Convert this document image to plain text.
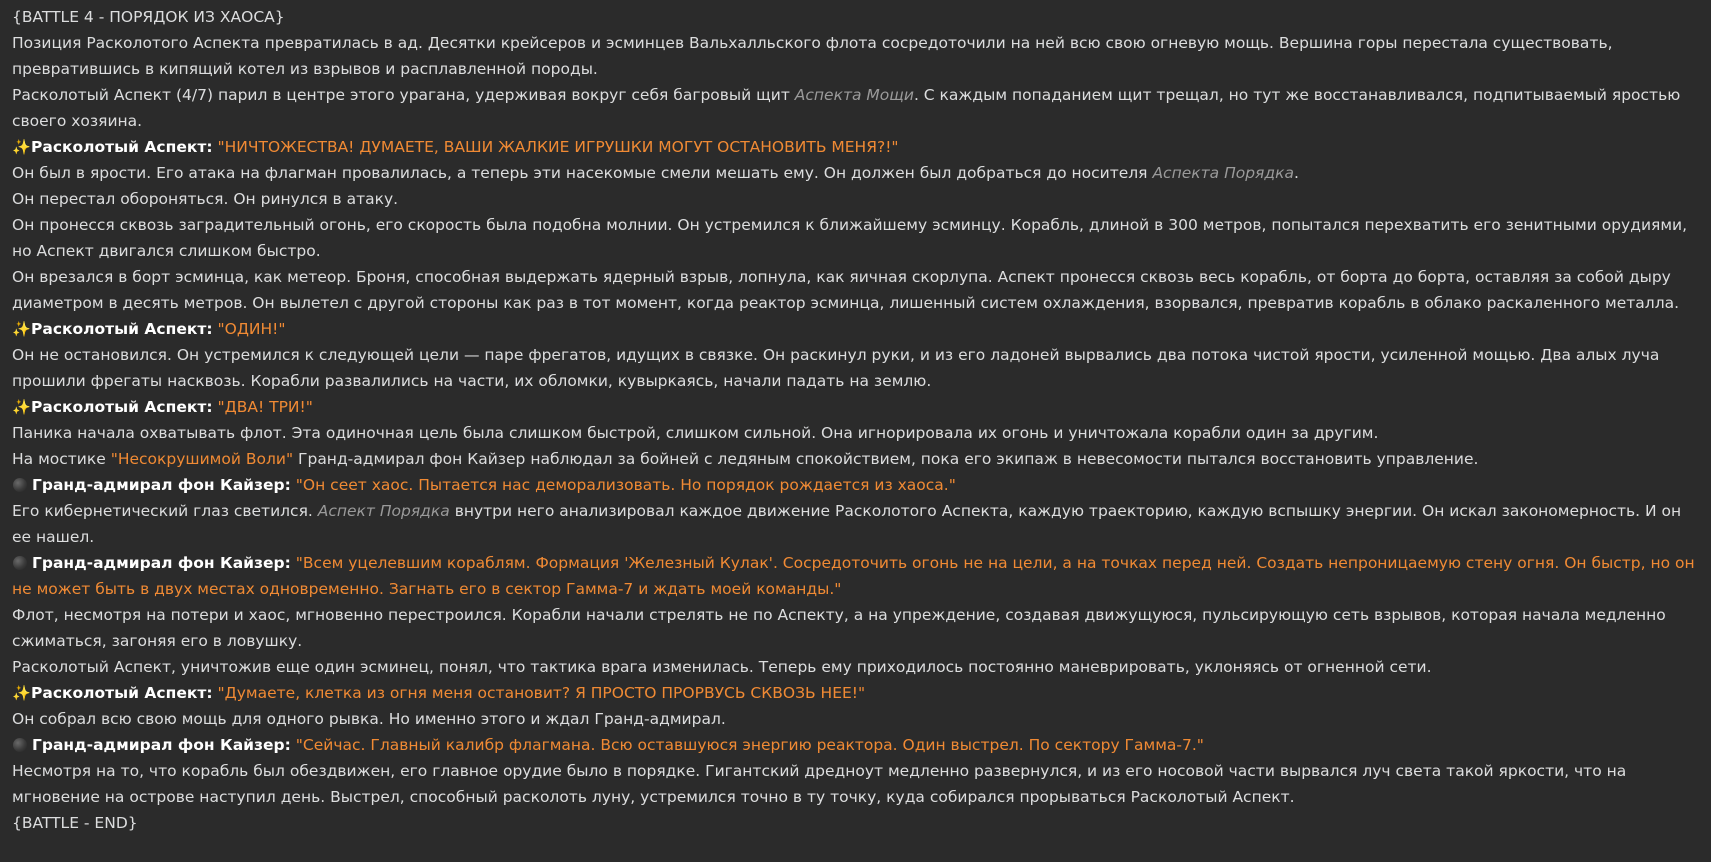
{BATTLE 4 - ПОРЯДОК ИЗ ХАОСА}
Позиция Расколотого Аспекта превратилась в ад. Десятки крейсеров и эсминцев Вальхалльского флота сосредоточили на ней всю свою огневую мощь. Вершина горы перестала существовать, превратившись в кипящий котел из взрывов и расплавленной породы.
Расколотый Аспект (4/7) парил в центре этого урагана, удерживая вокруг себя багровый щит Аспекта Мощи. С каждым попаданием щит трещал, но тут же восстанавливался, подпитываемый яростью своего хозяина.
✨Расколотый Аспект: "НИЧТОЖЕСТВА! ДУМАЕТЕ, ВАШИ ЖАЛКИЕ ИГРУШКИ МОГУТ ОСТАНОВИТЬ МЕНЯ?!"
Он был в ярости. Его атака на флагман провалилась, а теперь эти насекомые смели мешать ему. Он должен был добраться до носителя Аспекта Порядка.
Он перестал обороняться. Он ринулся в атаку.
Он пронесся сквозь заградительный огонь, его скорость была подобна молнии. Он устремился к ближайшему эсминцу. Корабль, длиной в 300 метров, попытался перехватить его зенитными орудиями, но Аспект двигался слишком быстро.
Он врезался в борт эсминца, как метеор. Броня, способная выдержать ядерный взрыв, лопнула, как яичная скорлупа. Аспект пронесся сквозь весь корабль, от борта до борта, оставляя за собой дыру диаметром в десять метров. Он вылетел с другой стороны как раз в тот момент, когда реактор эсминца, лишенный систем охлаждения, взорвался, превратив корабль в облако раскаленного металла.
✨Расколотый Аспект: "ОДИН!"
Он не остановился. Он устремился к следующей цели — паре фрегатов, идущих в связке. Он раскинул руки, и из его ладоней вырвались два потока чистой ярости, усиленной мощью. Два алых луча прошили фрегаты насквозь. Корабли развалились на части, их обломки, кувыркаясь, начали падать на землю.
✨Расколотый Аспект: "ДВА! ТРИ!"
Паника начала охватывать флот. Эта одиночная цель была слишком быстрой, слишком сильной. Она игнорировала их огонь и уничтожала корабли один за другим.
На мостике "Несокрушимой Воли" Гранд-адмирал фон Кайзер наблюдал за бойней с ледяным спокойствием, пока его экипаж в невесомости пытался восстановить управление.
Гранд-адмирал фон Кайзер: "Он сеет хаос. Пытается нас деморализовать. Но порядок рождается из хаоса."
Его кибернетический глаз светился. Аспект Порядка внутри него анализировал каждое движение Расколотого Аспекта, каждую траекторию, каждую вспышку энергии. Он искал закономерность. И он ее нашел.
Гранд-адмирал фон Кайзер: "Всем уцелевшим кораблям. Формация 'Железный Кулак'. Сосредоточить огонь не на цели, а на точках перед ней. Создать непроницаемую стену огня. Он быстр, но он не может быть в двух местах одновременно. Загнать его в сектор Гамма-7 и ждать моей команды."
Флот, несмотря на потери и хаос, мгновенно перестроился. Корабли начали стрелять не по Аспекту, а на упреждение, создавая движущуюся, пульсирующую сеть взрывов, которая начала медленно сжиматься, загоняя его в ловушку.
Расколотый Аспект, уничтожив еще один эсминец, понял, что тактика врага изменилась. Теперь ему приходилось постоянно маневрировать, уклоняясь от огненной сети.
✨Расколотый Аспект: "Думаете, клетка из огня меня остановит? Я ПРОСТО ПРОРВУСЬ СКВОЗЬ НЕЕ!"
Он собрал всю свою мощь для одного рывка. Но именно этого и ждал Гранд-адмирал.
Гранд-адмирал фон Кайзер: "Сейчас. Главный калибр флагмана. Всю оставшуюся энергию реактора. Один выстрел. По сектору Гамма-7."
Несмотря на то, что корабль был обездвижен, его главное орудие было в порядке. Гигантский дредноут медленно развернулся, и из его носовой части вырвался луч света такой яркости, что на мгновение на острове наступил день. Выстрел, способный расколоть луну, устремился точно в ту точку, куда собирался прорываться Расколотый Аспект.
{BATTLE - END}
